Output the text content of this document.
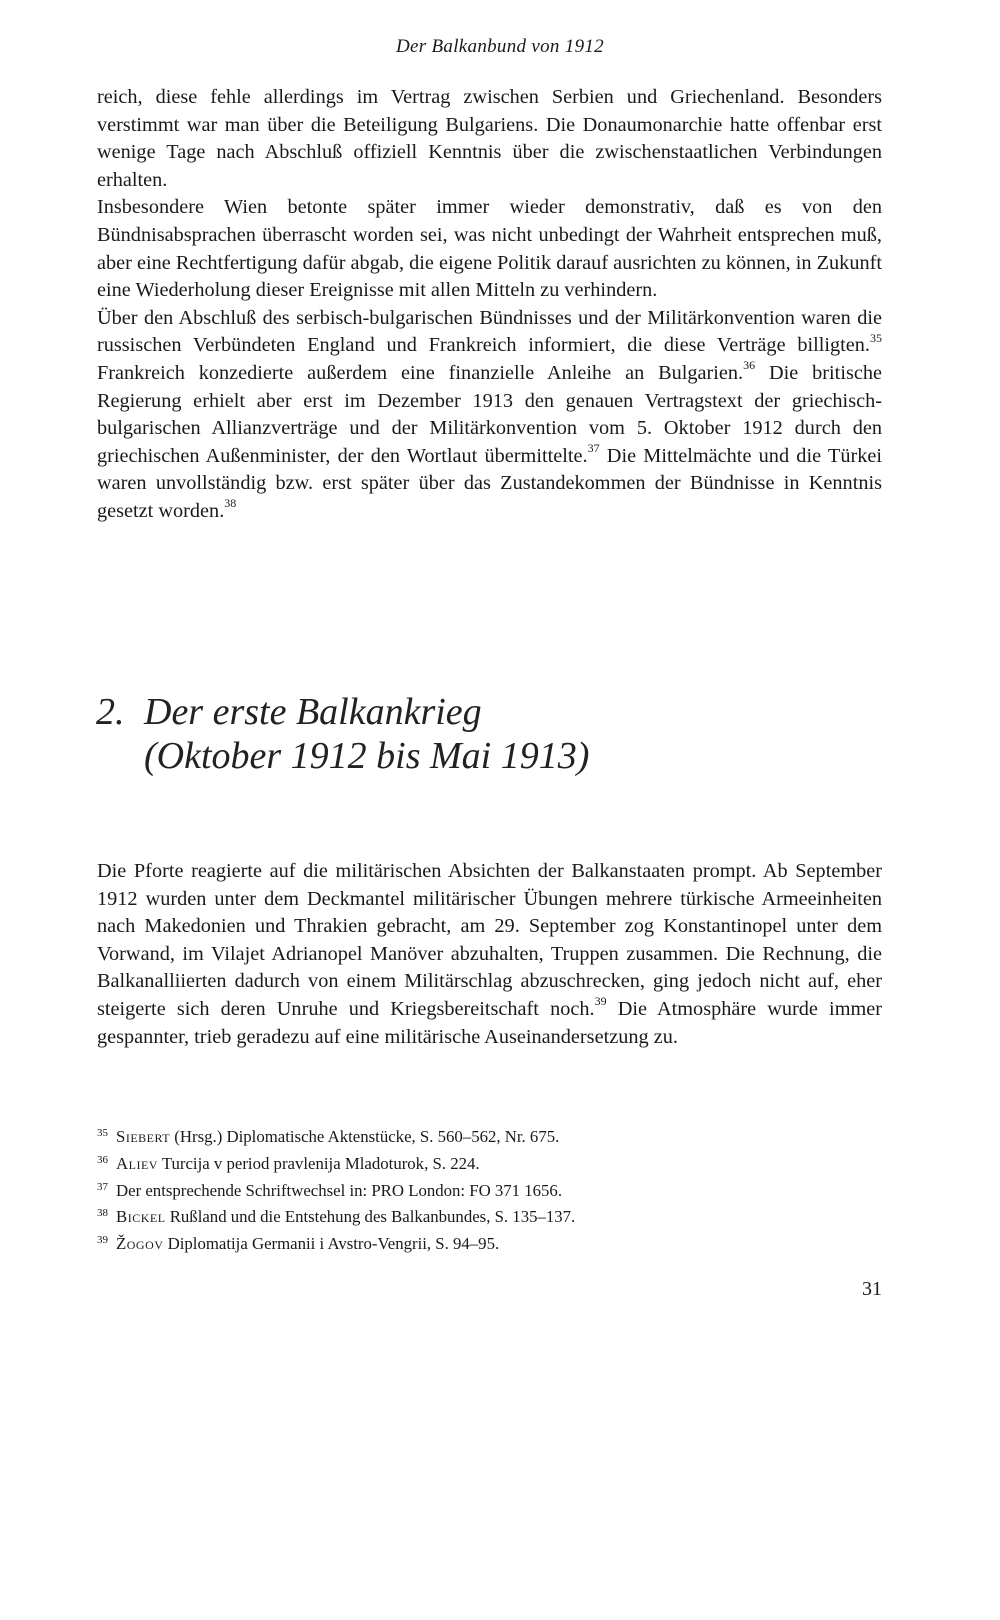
Der Balkanbund von 1912

reich, diese fehle allerdings im Vertrag zwischen Serbien und Griechenland. Besonders verstimmt war man über die Beteiligung Bulgariens. Die Donaumonarchie hatte offenbar erst wenige Tage nach Abschluß offiziell Kenntnis über die zwischenstaatlichen Verbindungen erhalten.

Insbesondere Wien betonte später immer wieder demonstrativ, daß es von den Bündnisabsprachen überrascht worden sei, was nicht unbedingt der Wahrheit entsprechen muß, aber eine Rechtfertigung dafür abgab, die eigene Politik darauf ausrichten zu können, in Zukunft eine Wiederholung dieser Ereignisse mit allen Mitteln zu verhindern.

Über den Abschluß des serbisch-bulgarischen Bündnisses und der Militärkonvention waren die russischen Verbündeten England und Frankreich informiert, die diese Verträge billigten.$^{35}$ Frankreich konzedierte außerdem eine finanzielle Anleihe an Bulgarien.$^{36}$ Die britische Regierung erhielt aber erst im Dezember 1913 den genauen Vertragstext der griechisch-bulgarischen Allianzverträge und der Militärkonvention vom 5. Oktober 1912 durch den griechischen Außenminister, der den Wortlaut übermittelte.$^{37}$ Die Mittelmächte und die Türkei waren unvollständig bzw. erst später über das Zustandekommen der Bündnisse in Kenntnis gesetzt worden.$^{38}$

2. Der erste Balkankrieg
(Oktober 1912 bis Mai 1913)

Die Pforte reagierte auf die militärischen Absichten der Balkanstaaten prompt. Ab September 1912 wurden unter dem Deckmantel militärischer Übungen mehrere türkische Armeeinheiten nach Makedonien und Thrakien gebracht, am 29. September zog Konstantinopel unter dem Vorwand, im Vilajet Adrianopel Manöver abzuhalten, Truppen zusammen. Die Rechnung, die Balkanalliierten dadurch von einem Militärschlag abzuschrecken, ging jedoch nicht auf, eher steigerte sich deren Unruhe und Kriegsbereitschaft noch.$^{39}$ Die Atmosphäre wurde immer gespannter, trieb geradezu auf eine militärische Auseinandersetzung zu.

$^{35}$ Siebert (Hrsg.) Diplomatische Aktenstücke, S. 560–562, Nr. 675.
$^{36}$ Aliev Turcija v period pravlenija Mladoturok, S. 224.
$^{37}$ Der entsprechende Schriftwechsel in: PRO London: FO 371 1656.
$^{38}$ Bickel Rußland und die Entstehung des Balkanbundes, S. 135–137.
$^{39}$ Žogov Diplomatija Germanii i Avstro-Vengrii, S. 94–95.
31
